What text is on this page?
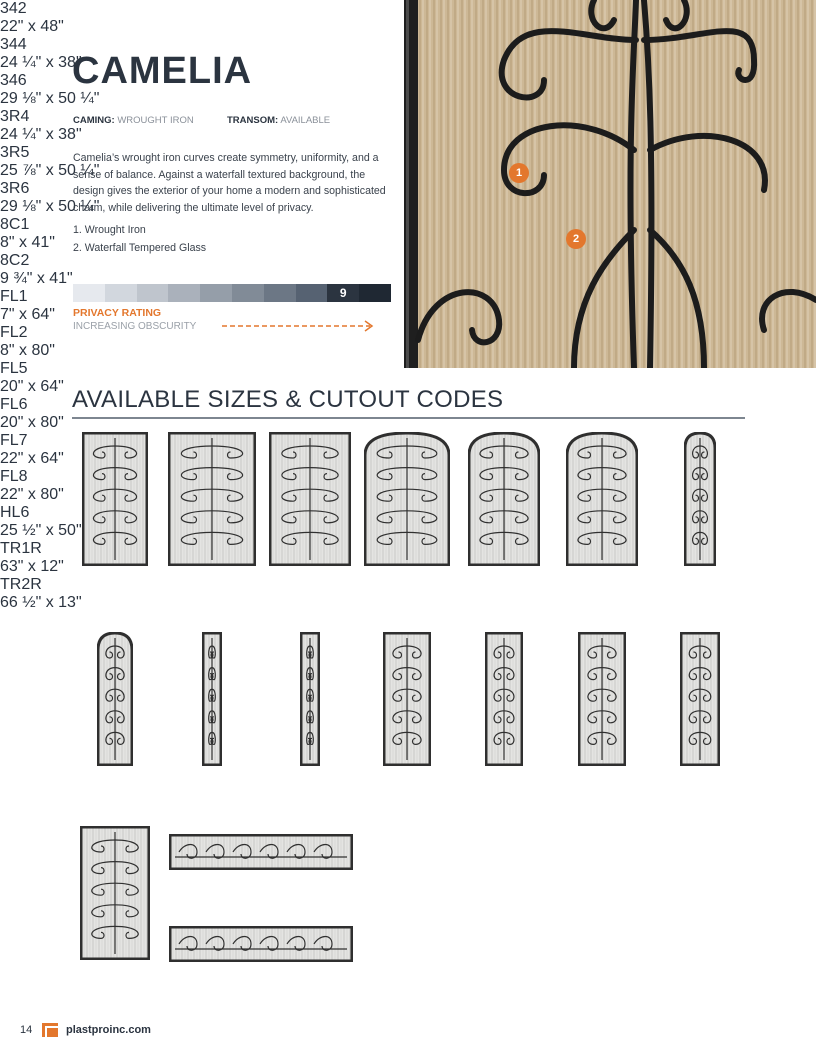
CAMELIA
CAMING: WROUGHT IRON	TRANSOM: AVAILABLE

Camelia’s wrought iron curves create symmetry, uniformity, and a sense of balance. Against a waterfall textured background, the design gives the exterior of your home a modern and sophisticated charm, while delivering the ultimate level of privacy.

1. Wrought Iron
2. Waterfall Tempered Glass
9
PRIVACY RATING
INCREASING OBSCURITY
1
2
AVAILABLE SIZES & CUTOUT CODES
342
22" x 48"
344
24 ¼" x 38"
346
29 ⅛" x 50 ¼"
3R4
24 ¼" x 38"
3R5
25 ⅞" x 50 ¼"
3R6
29 ⅛" x 50 ¼"
8C1
8" x 41"
8C2
9 ¾" x 41"
FL1
7" x 64"
FL2
8" x 80"
FL5
20" x 64"
FL6
20" x 80"
FL7
22" x 64"
FL8
22" x 80"
HL6
25 ½" x 50"
TR1R
63" x 12"
TR2R
66 ½" x 13"
14	plastproinc.com
